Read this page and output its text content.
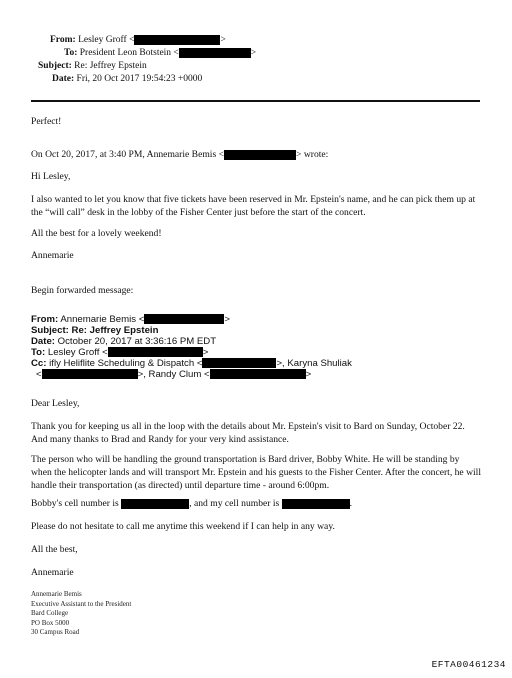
From: Lesley Groff <	>
To: President Leon Botstein <	>
Subject: Re: Jeffrey Epstein
Date: Fri, 20 Oct 2017 19:54:23 +0000
Perfect!
On Oct 20, 2017, at 3:40 PM, Annemarie Bemis <	> wrote:
Hi Lesley,
I also wanted to let you know that five tickets have been reserved in Mr. Epstein's name, and he can pick them up at the “will call” desk in the lobby of the Fisher Center just before the start of the concert.
All the best for a lovely weekend!
Annemarie
Begin forwarded message:
From: Annemarie Bemis <	>
Subject: Re: Jeffrey Epstein
Date: October 20, 2017 at 3:36:16 PM EDT
To: Lesley Groff <	>
Cc: ifly Heliflite Scheduling & Dispatch <	>, Karyna Shuliak
<	>, Randy Clum <	>
Dear Lesley,
Thank you for keeping us all in the loop with the details about Mr. Epstein's visit to Bard on Sunday, October 22. And many thanks to Brad and Randy for your very kind assistance.
The person who will be handling the ground transportation is Bard driver, Bobby White. He will be standing by when the helicopter lands and will transport Mr. Epstein and his guests to the Fisher Center. After the concert, he will handle their transportation (as directed) until departure time - around 6:00pm.
Bobby's cell number is	, and my cell number is	.
Please do not hesitate to call me anytime this weekend if I can help in any way.
All the best,
Annemarie
Annemarie Bemis
Executive Assistant to the President
Bard College
PO Box 5000
30 Campus Road
EFTA00461234
